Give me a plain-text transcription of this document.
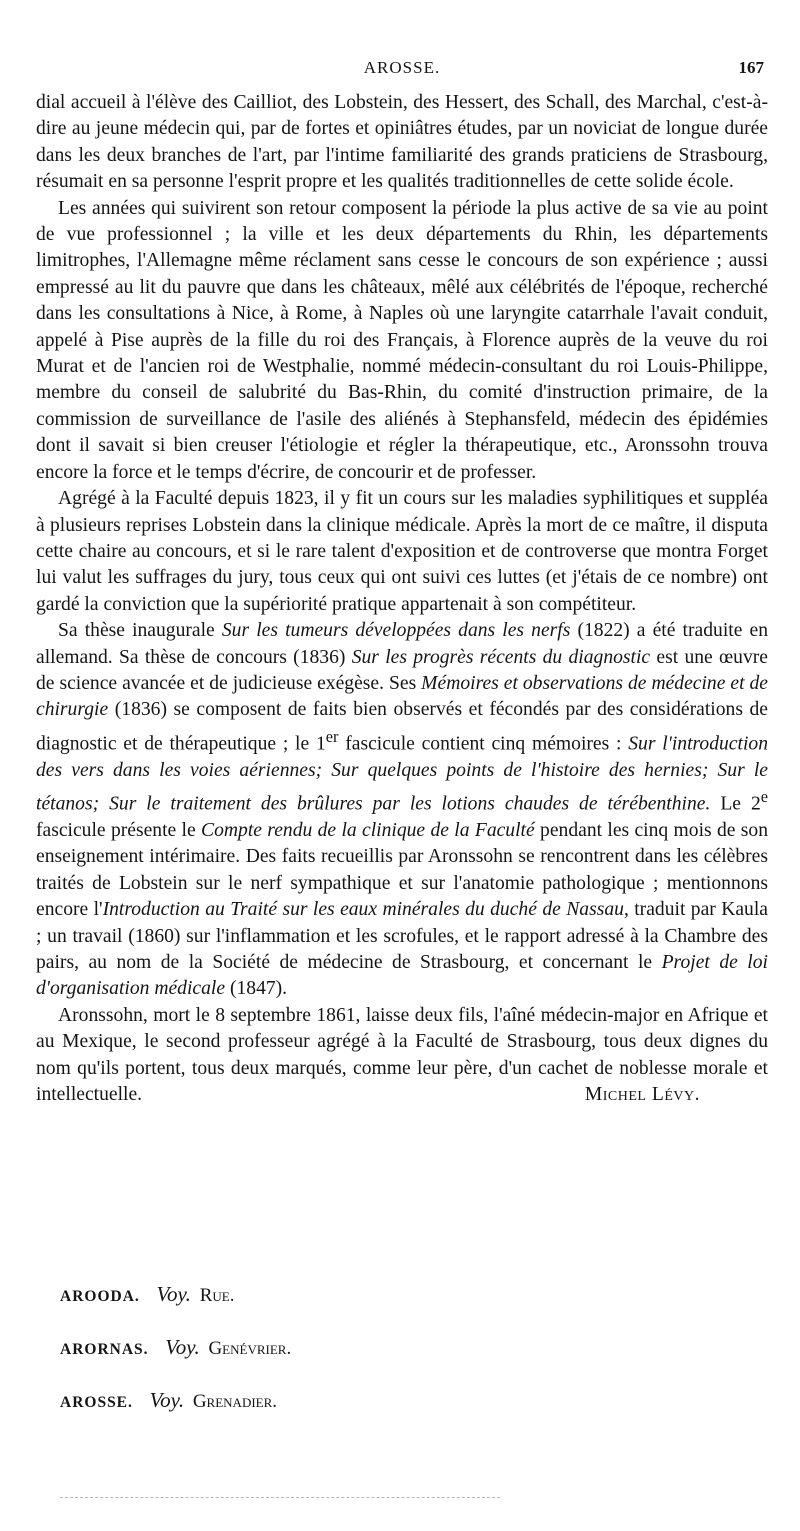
AROSSE.	167

dial accueil à l'élève des Cailliot, des Lobstein, des Hessert, des Schall, des Marchal, c'est-à-dire au jeune médecin qui, par de fortes et opiniâtres études, par un noviciat de longue durée dans les deux branches de l'art, par l'intime familiarité des grands praticiens de Strasbourg, résumait en sa personne l'esprit propre et les qualités traditionnelles de cette solide école.

Les années qui suivirent son retour composent la période la plus active de sa vie au point de vue professionnel ; la ville et les deux départements du Rhin, les départements limitrophes, l'Allemagne même réclament sans cesse le concours de son expérience ; aussi empressé au lit du pauvre que dans les châteaux, mêlé aux célébrités de l'époque, recherché dans les consultations à Nice, à Rome, à Naples où une laryngite catarrhale l'avait conduit, appelé à Pise auprès de la fille du roi des Français, à Florence auprès de la veuve du roi Murat et de l'ancien roi de Westphalie, nommé médecin-consultant du roi Louis-Philippe, membre du conseil de salubrité du Bas-Rhin, du comité d'instruction primaire, de la commission de surveillance de l'asile des aliénés à Stephansfeld, médecin des épidémies dont il savait si bien creuser l'étiologie et régler la thérapeutique, etc., Aronssohn trouva encore la force et le temps d'écrire, de concourir et de professer.

Agrégé à la Faculté depuis 1823, il y fit un cours sur les maladies syphilitiques et suppléa à plusieurs reprises Lobstein dans la clinique médicale. Après la mort de ce maître, il disputa cette chaire au concours, et si le rare talent d'exposition et de controverse que montra Forget lui valut les suffrages du jury, tous ceux qui ont suivi ces luttes (et j'étais de ce nombre) ont gardé la conviction que la supériorité pratique appartenait à son compétiteur.

Sa thèse inaugurale Sur les tumeurs développées dans les nerfs (1822) a été traduite en allemand. Sa thèse de concours (1836) Sur les progrès récents du diagnostic est une œuvre de science avancée et de judicieuse exégèse. Ses Mémoires et observations de médecine et de chirurgie (1836) se composent de faits bien observés et fécondés par des considérations de diagnostic et de thérapeutique ; le 1er fascicule contient cinq mémoires : Sur l'introduction des vers dans les voies aériennes; Sur quelques points de l'histoire des hernies; Sur le tétanos; Sur le traitement des brûlures par les lotions chaudes de térébenthine. Le 2e fascicule présente le Compte rendu de la clinique de la Faculté pendant les cinq mois de son enseignement intérimaire. Des faits recueillis par Aronssohn se rencontrent dans les célèbres traités de Lobstein sur le nerf sympathique et sur l'anatomie pathologique ; mentionnons encore l'Introduction au Traité sur les eaux minérales du duché de Nassau, traduit par Kaula ; un travail (1860) sur l'inflammation et les scrofules, et le rapport adressé à la Chambre des pairs, au nom de la Société de médecine de Strasbourg, et concernant le Projet de loi d'organisation médicale (1847).

Aronssohn, mort le 8 septembre 1861, laisse deux fils, l'aîné médecin-major en Afrique et au Mexique, le second professeur agrégé à la Faculté de Strasbourg, tous deux dignes du nom qu'ils portent, tous deux marqués, comme leur père, d'un cachet de noblesse morale et intellectuelle.	Michel Lévy.

AROODA. Voy. Rue.
ARORNAS. Voy. Genévrier.
AROSSE. Voy. Grenadier.
